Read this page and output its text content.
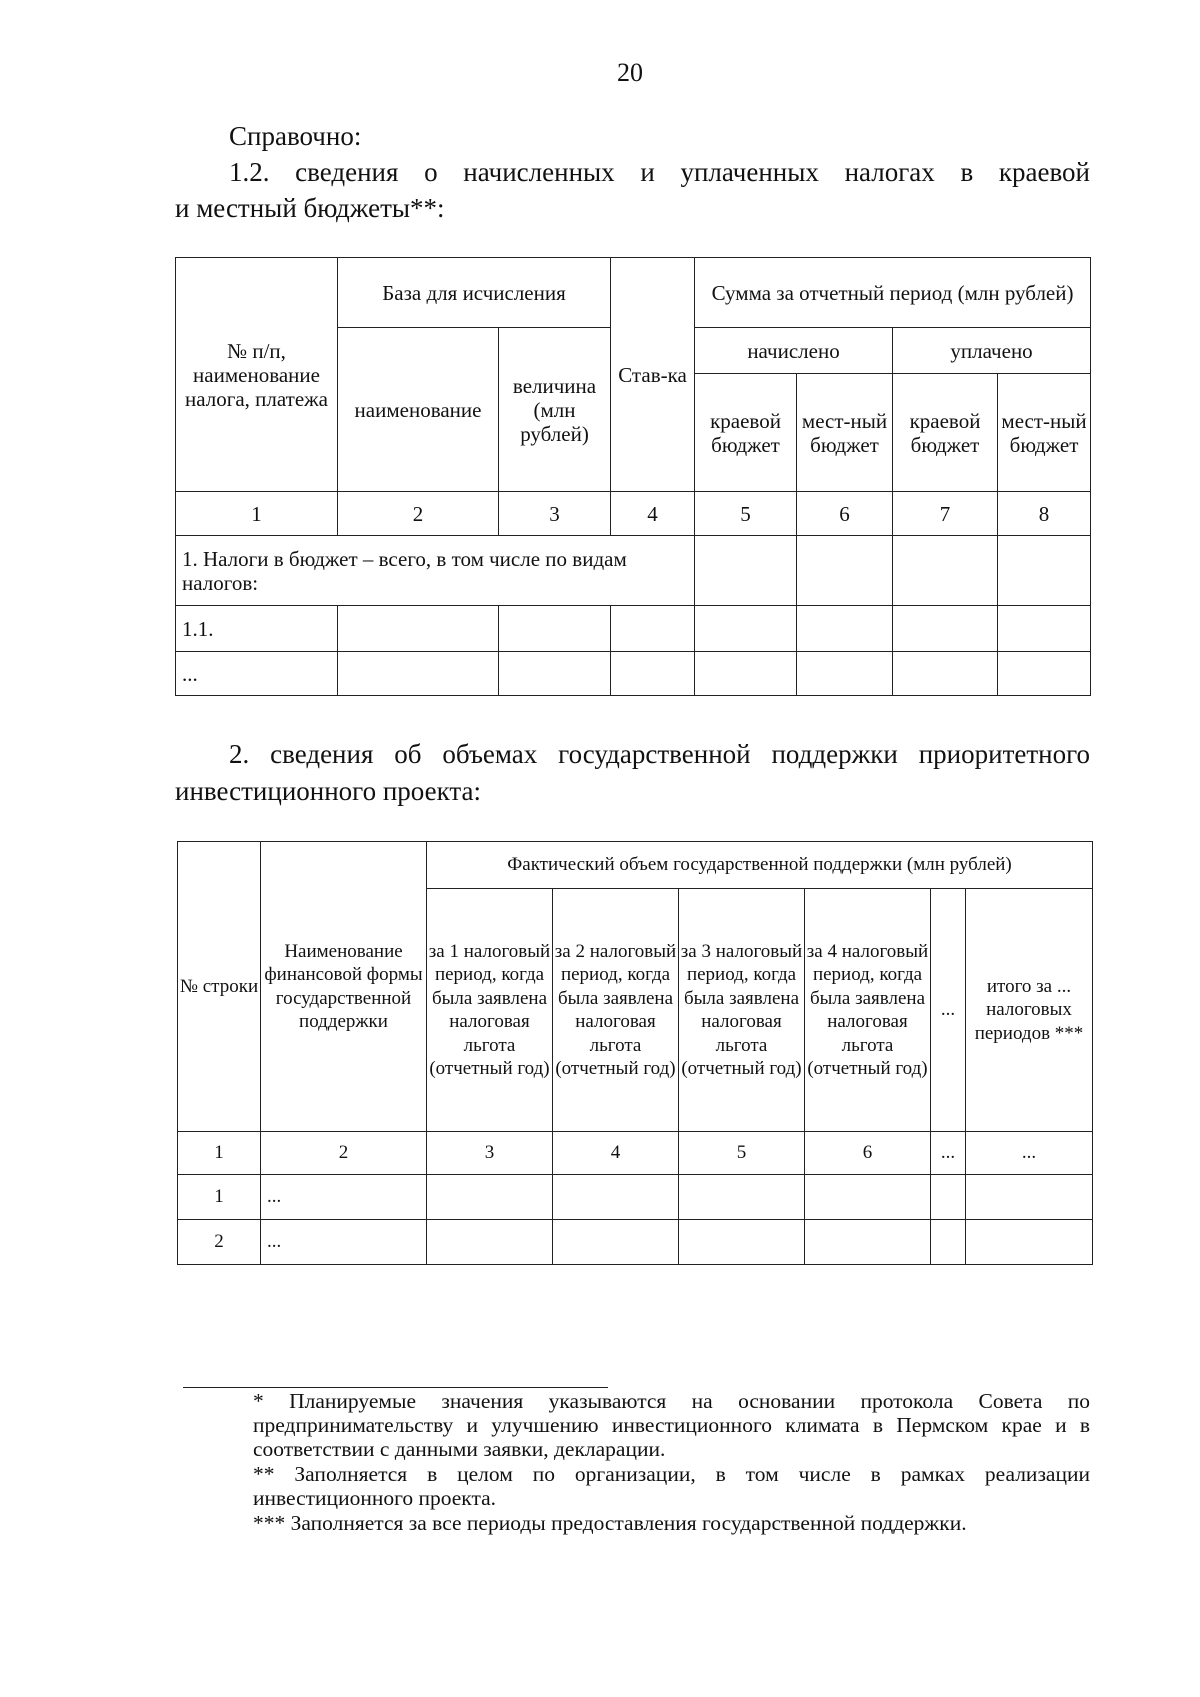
20
Справочно:
1.2. сведения о начисленных и уплаченных налогах в краевой
и местный бюджеты**:
№ п/п, наименование налога, платежа	База для исчисления		Став-ка	Сумма за отчетный период (млн рублей)			
	наименование	величина (млн рублей)		начислено		уплачено	
				краевой бюджет	мест-ный бюджет	краевой бюджет	мест-ный бюджет
1	2	3	4	5	6	7	8
1. Налоги в бюджет – всего, в том числе по видам налогов:							
1.1.							
...							
2. сведения об объемах государственной поддержки приоритетного
инвестиционного проекта:
№ строки	Наименование финансовой формы государственной поддержки	Фактический объем государственной поддержки (млн рублей)					
		за 1 налоговый период, когда была заявлена налоговая льгота (отчетный год)	за 2 налоговый период, когда была заявлена налоговая льгота (отчетный год)	за 3 налоговый период, когда была заявлена налоговая льгота (отчетный год)	за 4 налоговый период, когда была заявлена налоговая льгота (отчетный год)	...	итого за ... налоговых периодов ***
1	2	3	4	5	6	...	...
1	...						
2	...						
* Планируемые значения указываются на основании протокола Совета по предпринимательству и улучшению инвестиционного климата в Пермском крае и в соответствии с данными заявки, декларации.
** Заполняется в целом по организации, в том числе в рамках реализации инвестиционного проекта.
*** Заполняется за все периоды предоставления государственной поддержки.
